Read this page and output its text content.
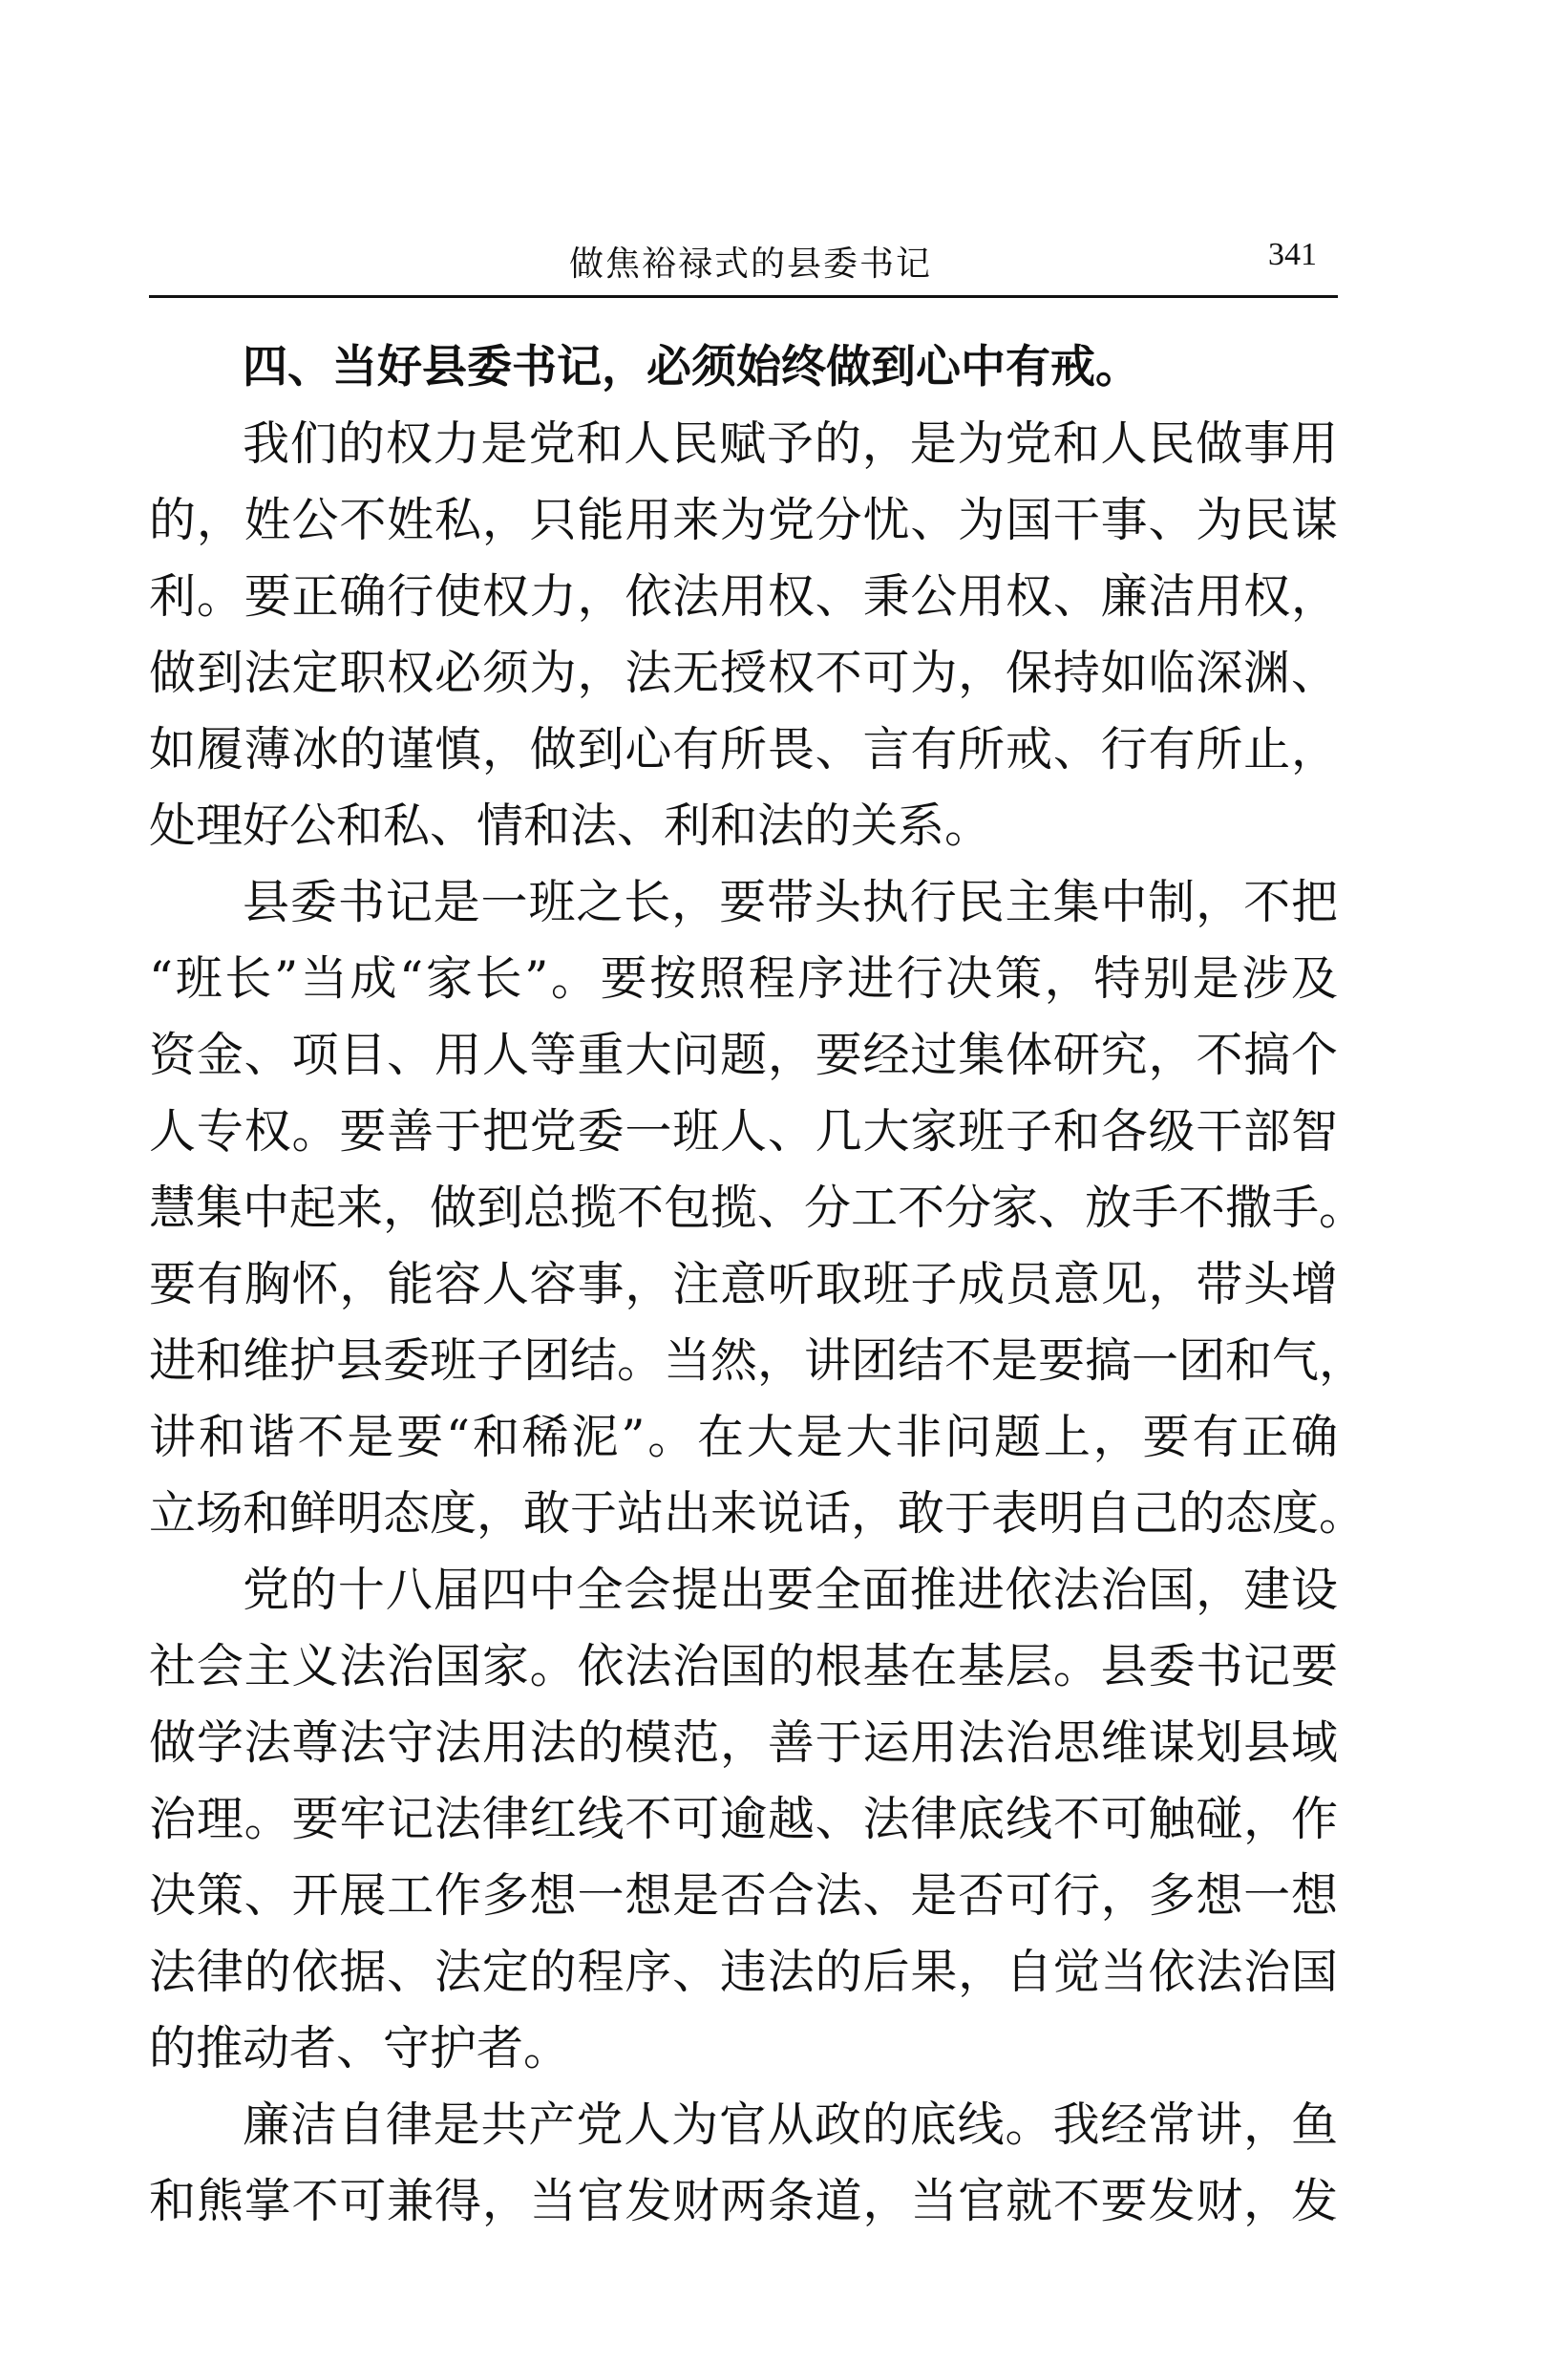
做焦裕禄式的县委书记	341
四、当好县委书记，必须始终做到心中有戒。
我们的权力是党和人民赋予的，是为党和人民做事用
的，姓公不姓私，只能用来为党分忧、为国干事、为民谋
利。要正确行使权力，依法用权、秉公用权、廉洁用权，
做到法定职权必须为，法无授权不可为，保持如临深渊、
如履薄冰的谨慎，做到心有所畏、言有所戒、行有所止，
处理好公和私、情和法、利和法的关系。
县委书记是一班之长，要带头执行民主集中制，不把
“班长”当成“家长”。要按照程序进行决策，特别是涉及
资金、项目、用人等重大问题，要经过集体研究，不搞个
人专权。要善于把党委一班人、几大家班子和各级干部智
慧集中起来，做到总揽不包揽、分工不分家、放手不撒手。
要有胸怀，能容人容事，注意听取班子成员意见，带头增
进和维护县委班子团结。当然，讲团结不是要搞一团和气，
讲和谐不是要“和稀泥”。在大是大非问题上，要有正确
立场和鲜明态度，敢于站出来说话，敢于表明自己的态度。
党的十八届四中全会提出要全面推进依法治国，建设
社会主义法治国家。依法治国的根基在基层。县委书记要
做学法尊法守法用法的模范，善于运用法治思维谋划县域
治理。要牢记法律红线不可逾越、法律底线不可触碰，作
决策、开展工作多想一想是否合法、是否可行，多想一想
法律的依据、法定的程序、违法的后果，自觉当依法治国
的推动者、守护者。
廉洁自律是共产党人为官从政的底线。我经常讲，鱼
和熊掌不可兼得，当官发财两条道，当官就不要发财，发
